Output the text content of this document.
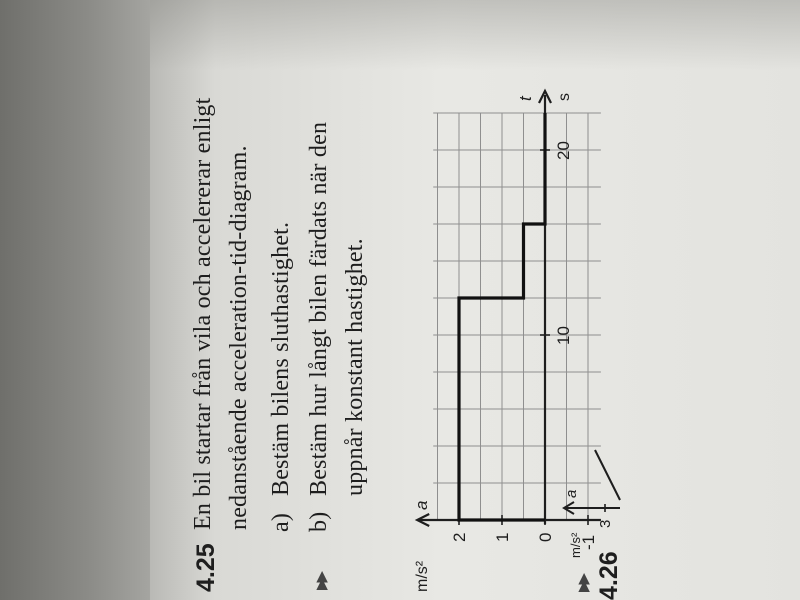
4.25
En bil startar från vila och accelererar enligt nedanstående acceleration-tid-diagram. a)
Bestäm bilens sluthastighet.
▶▶
b)
Bestäm hur långt bilen färdats när den uppnår konstant hastighet.
m/s²
a
t s
-1
0
1
2
10
20
▶▶ 4.26
m/s²
a
3
